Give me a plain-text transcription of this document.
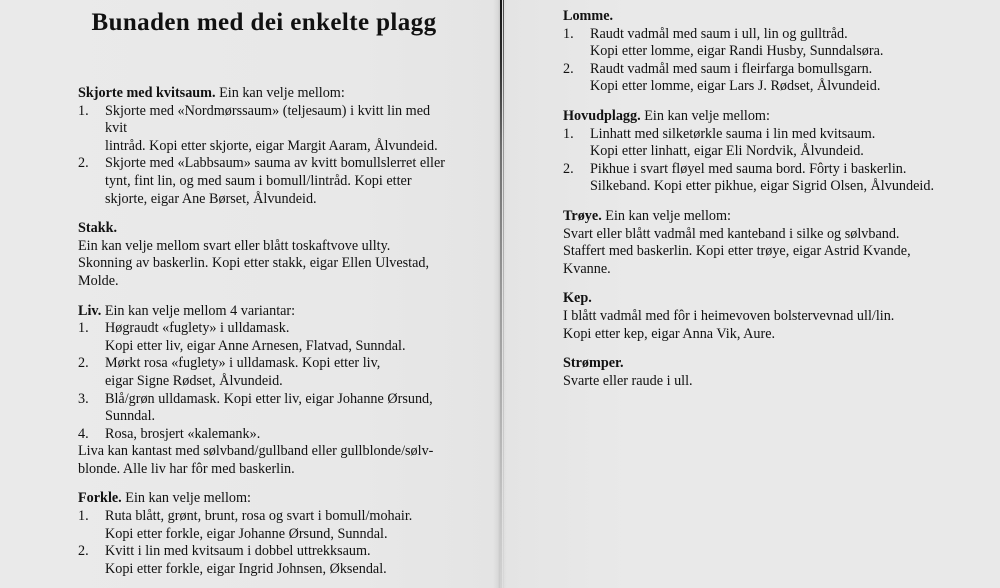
Bunaden med dei enkelte plagg

Skjorte med kvitsaum. Ein kan velje mellom:

1.	Skjorte med «Nordmørssaum» (teljesaum) i kvitt lin med kvit
lintråd. Kopi etter skjorte, eigar Margit Aaram, Ålvundeid.
2.	Skjorte med «Labbsaum» sauma av kvitt bomullslerret eller
tynt, fint lin, og med saum i bomull/lintråd. Kopi etter
skjorte, eigar Ane Børset, Ålvundeid.

Stakk.

Ein kan velje mellom svart eller blått toskaftvove ullty.

Skonning av baskerlin. Kopi etter stakk, eigar Ellen Ulvestad,

Molde.

Liv. Ein kan velje mellom 4 variantar:

1.	Høgraudt «fuglety» i ulldamask.
Kopi etter liv, eigar Anne Arnesen, Flatvad, Sunndal.
2.	Mørkt rosa «fuglety» i ulldamask. Kopi etter liv,
eigar Signe Rødset, Ålvundeid.
3.	Blå/grøn ulldamask. Kopi etter liv, eigar Johanne Ørsund,
Sunndal.
4.	Rosa, brosjert «kalemank».

Liva kan kantast med sølvband/gullband eller gullblonde/sølv-

blonde. Alle liv har fôr med baskerlin.

Forkle. Ein kan velje mellom:

1.	Ruta blått, grønt, brunt, rosa og svart i bomull/mohair.
Kopi etter forkle, eigar Johanne Ørsund, Sunndal.
2.	Kvitt i lin med kvitsaum i dobbel uttrekksaum.
Kopi etter forkle, eigar Ingrid Johnsen, Øksendal.

Lomme.

1.	Raudt vadmål med saum i ull, lin og gulltråd.
Kopi etter lomme, eigar Randi Husby, Sunndalsøra.
2.	Raudt vadmål med saum i fleirfarga bomullsgarn.
Kopi etter lomme, eigar Lars J. Rødset, Ålvundeid.

Hovudplagg. Ein kan velje mellom:

1.	Linhatt med silketørkle sauma i lin med kvitsaum.
Kopi etter linhatt, eigar Eli Nordvik, Ålvundeid.
2.	Pikhue i svart fløyel med sauma bord. Fôrty i baskerlin.
Silkeband. Kopi etter pikhue, eigar Sigrid Olsen, Ålvundeid.

Trøye. Ein kan velje mellom:

Svart eller blått vadmål med kanteband i silke og sølvband.

Staffert med baskerlin. Kopi etter trøye, eigar Astrid Kvande,

Kvanne.

Kep.

I blått vadmål med fôr i heimevoven bolstervevnad ull/lin.

Kopi etter kep, eigar Anna Vik, Aure.

Strømper.

Svarte eller raude i ull.
